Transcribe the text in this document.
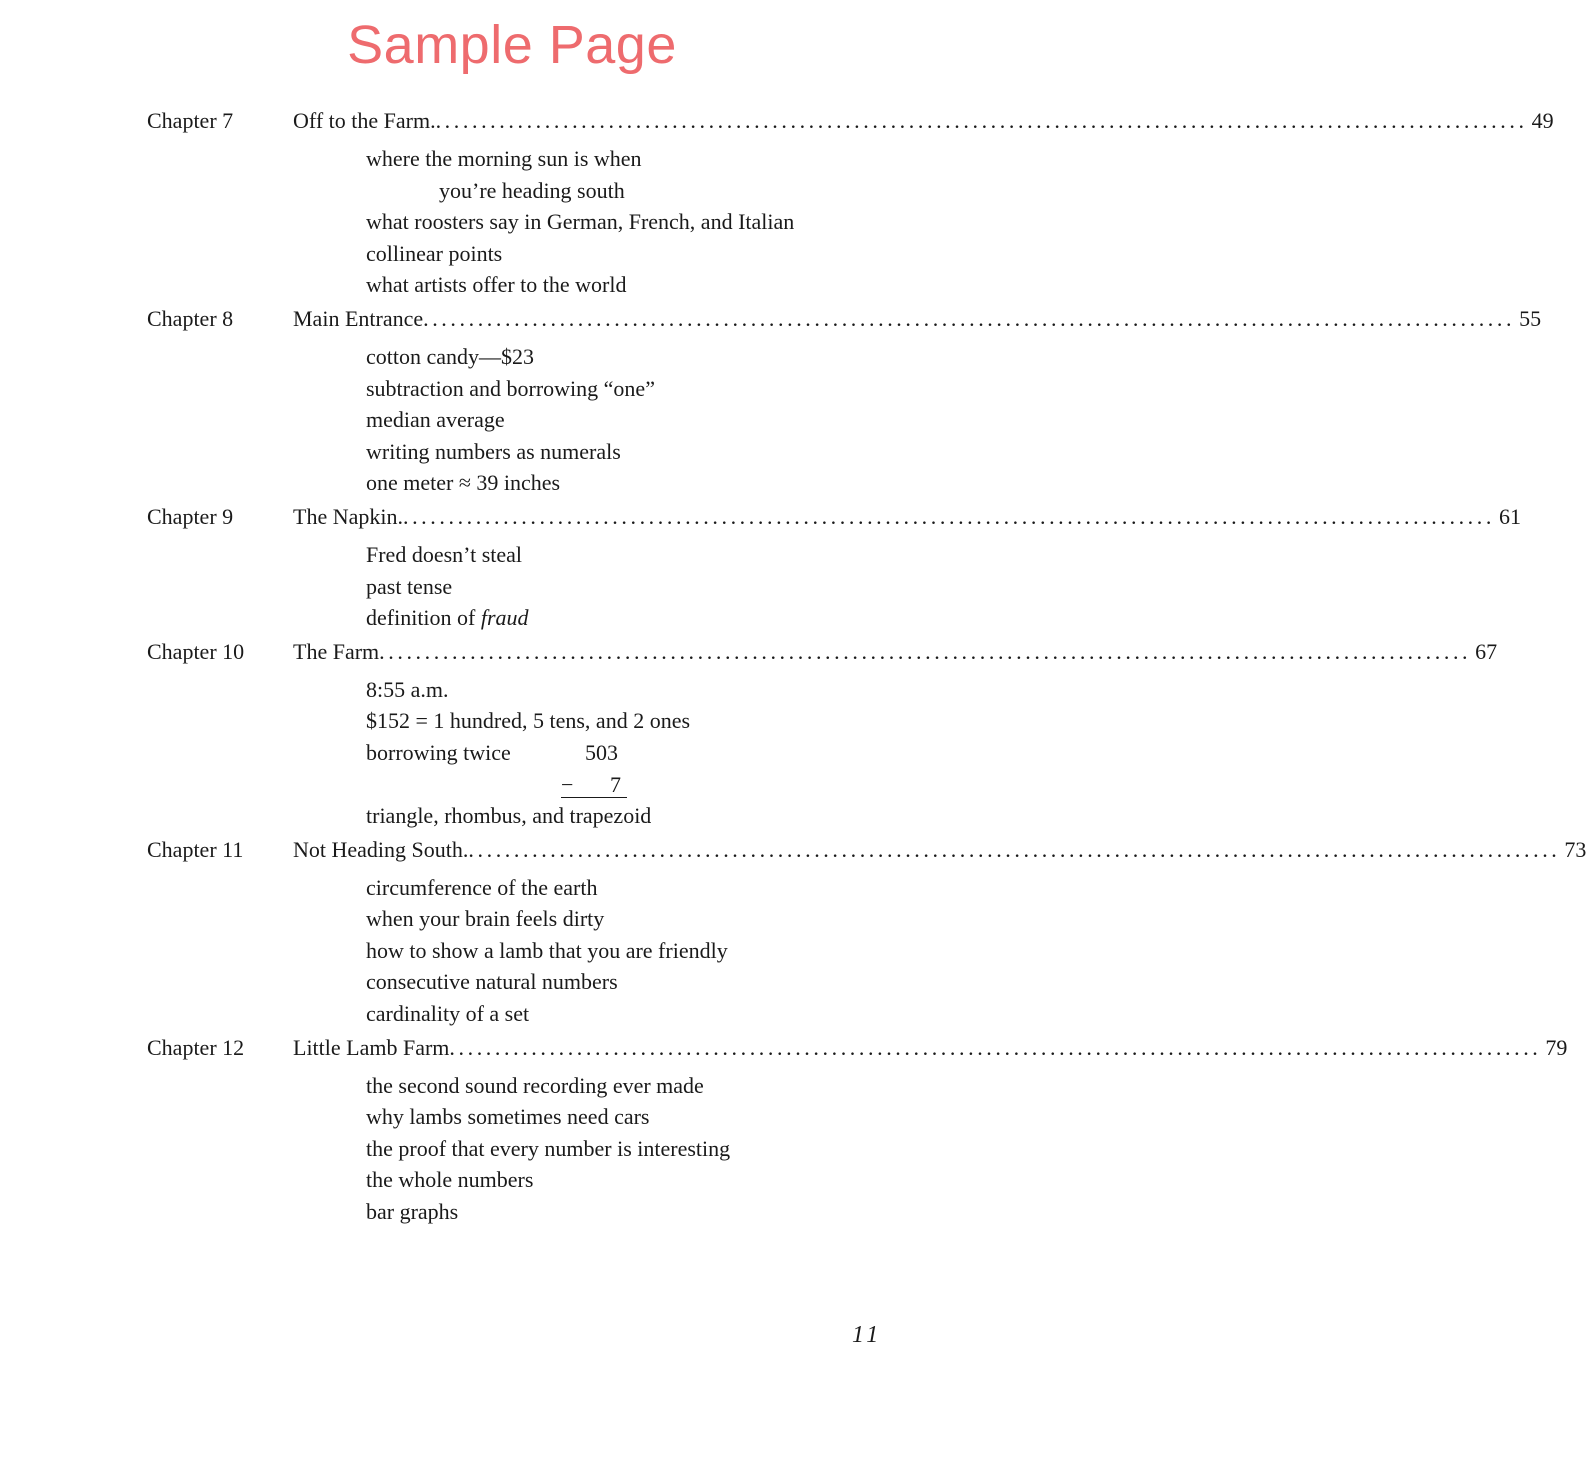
Sample Page
Chapter 7	Off to the Farm. ........................................................................................................................ 49
where the morning sun is when
you’re heading south
what roosters say in German, French, and Italian
collinear points
what artists offer to the world
Chapter 8	Main Entrance ........................................................................................................................ 55
cotton candy—$23
subtraction and borrowing “one”
median average
writing numbers as numerals
one meter ≈ 39 inches
Chapter 9	The Napkin. ........................................................................................................................ 61
Fred doesn’t steal
past tense
definition of fraud
Chapter 10	The Farm ........................................................................................................................ 67
8:55 a.m.
$152 = 1 hundred, 5 tens, and 2 ones
borrowing twice	503
− 7
triangle, rhombus, and trapezoid
Chapter 11	Not Heading South. ........................................................................................................................ 73
circumference of the earth
when your brain feels dirty
how to show a lamb that you are friendly
consecutive natural numbers
cardinality of a set
Chapter 12	Little Lamb Farm ........................................................................................................................ 79
the second sound recording ever made
why lambs sometimes need cars
the proof that every number is interesting
the whole numbers
bar graphs
11
